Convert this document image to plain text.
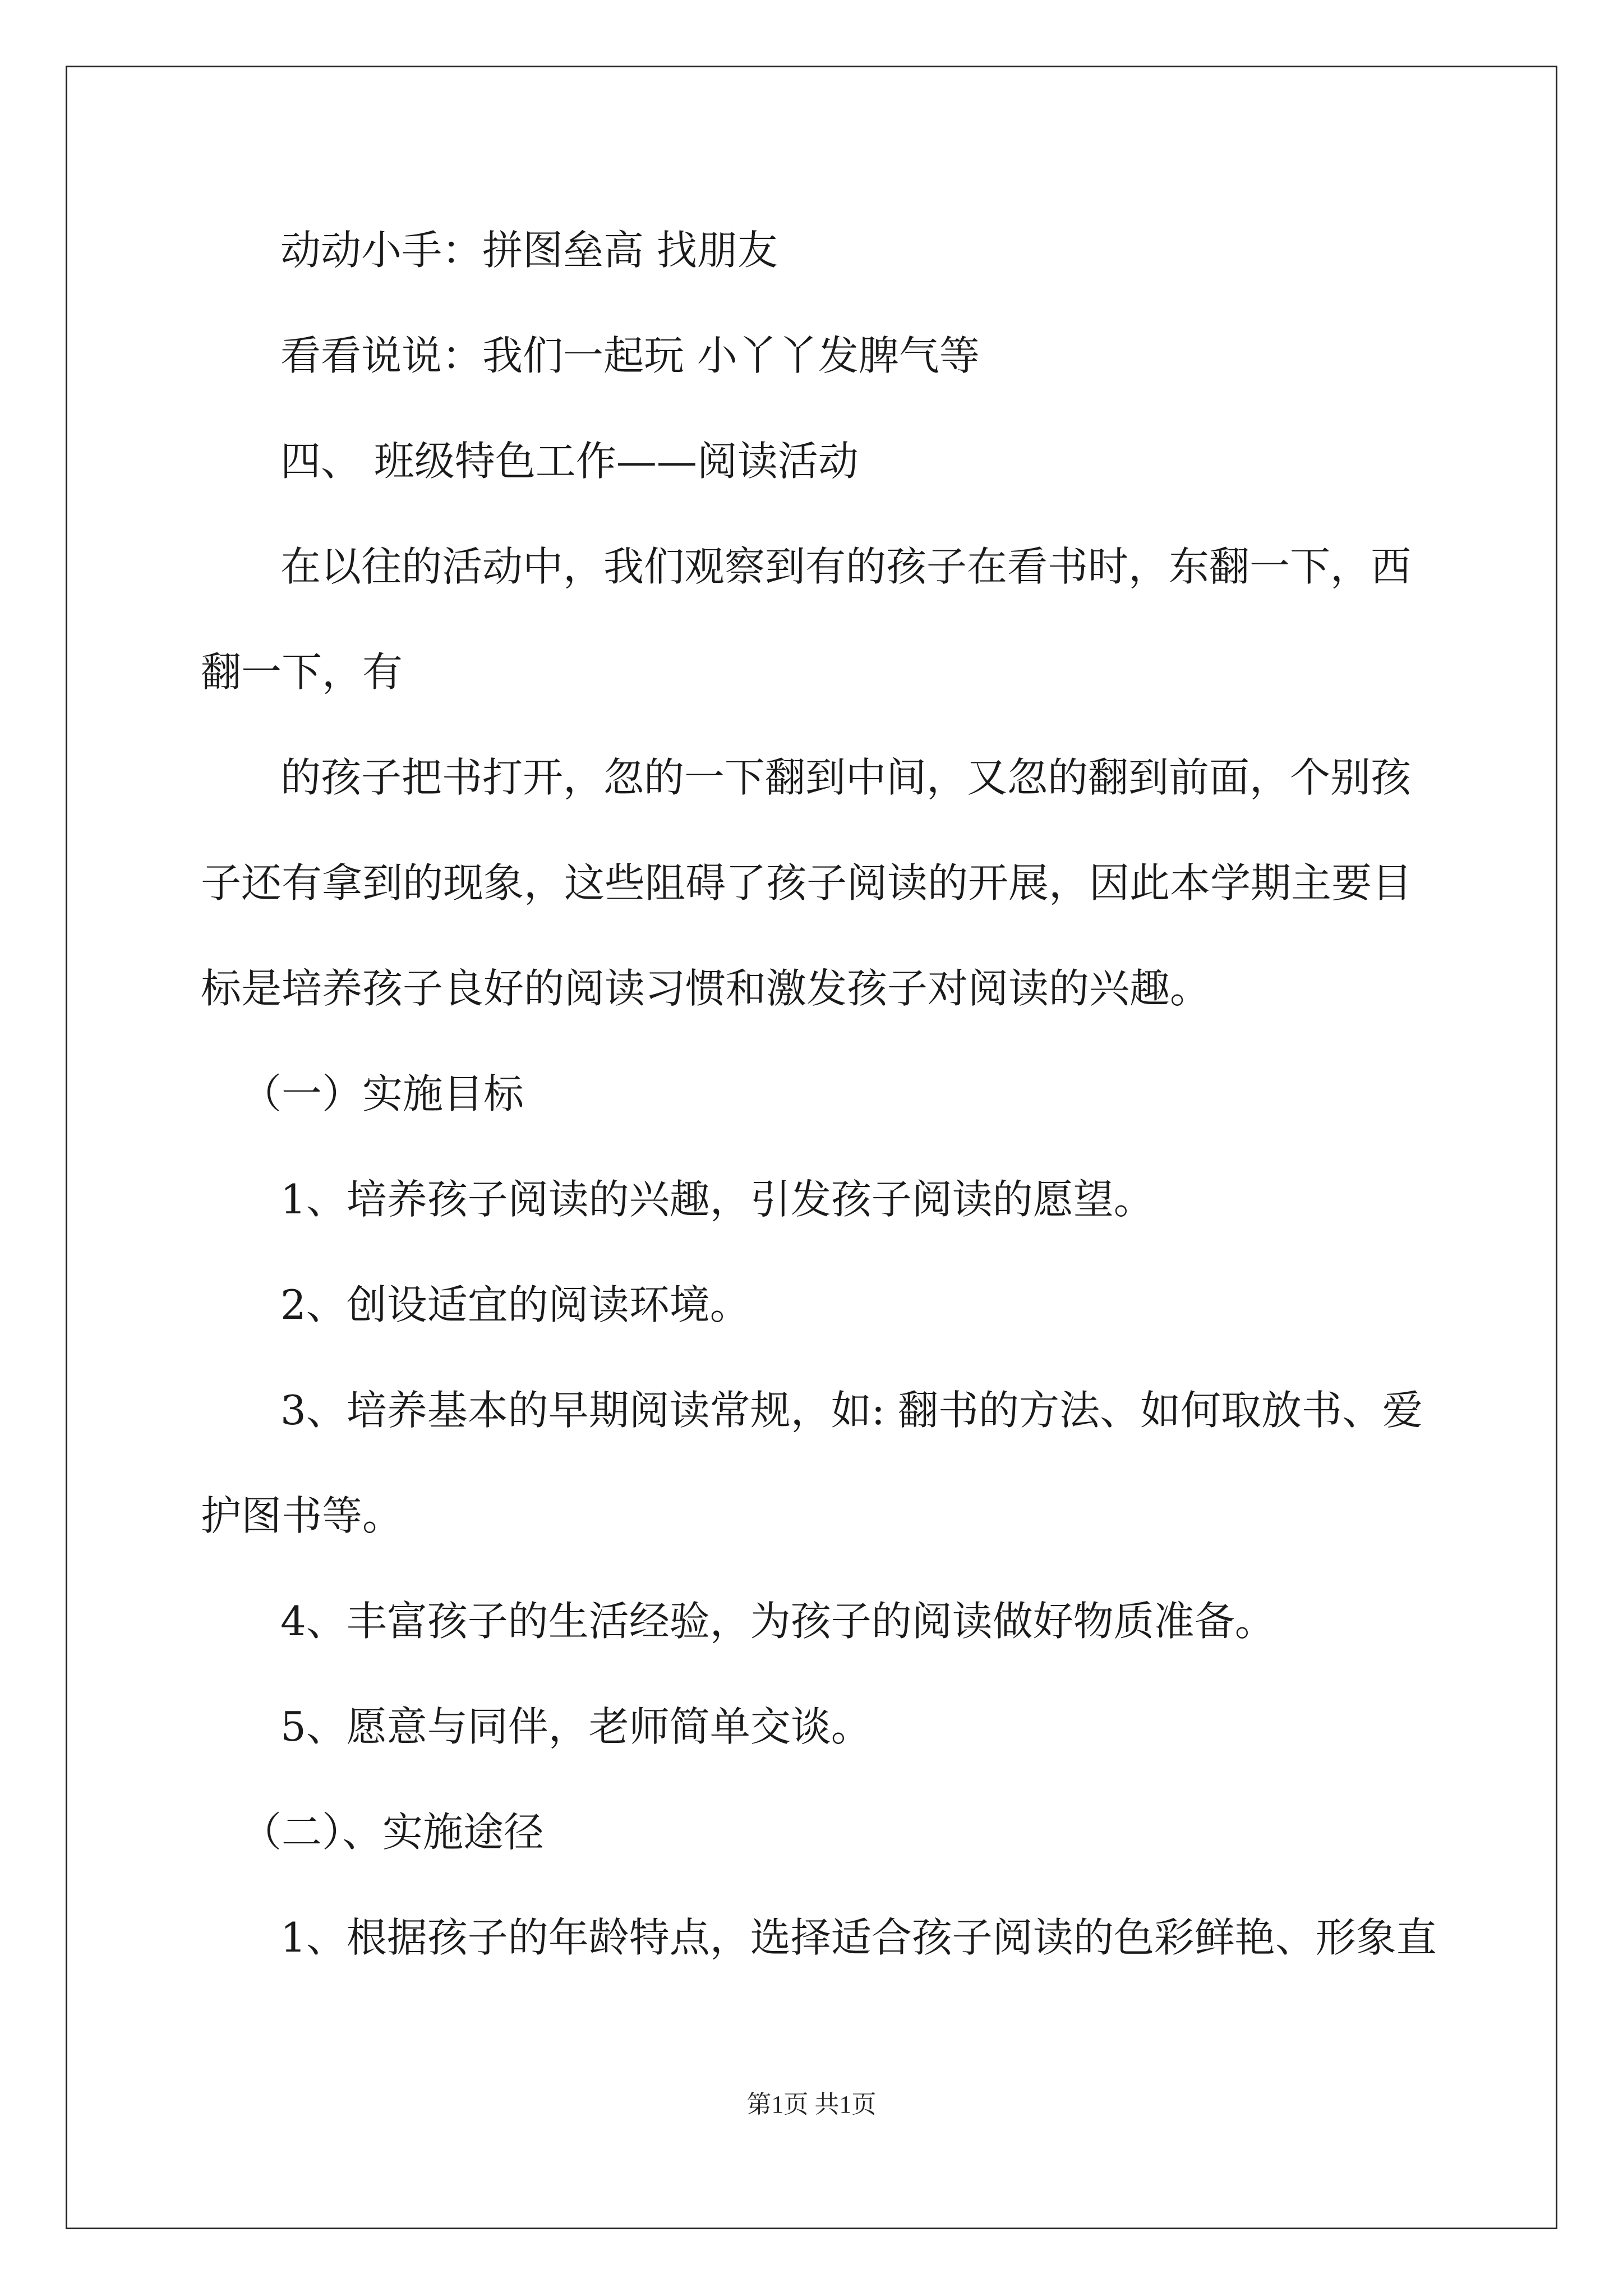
动动小手：拼图垒高 找朋友
看看说说：我们一起玩 小丫丫发脾气等
四、 班级特色工作——阅读活动
在以往的活动中，我们观察到有的孩子在看书时，东翻一下，西
翻一下，有
的孩子把书打开，忽的一下翻到中间，又忽的翻到前面，个别孩
子还有拿到的现象，这些阻碍了孩子阅读的开展，因此本学期主要目
标是培养孩子良好的阅读习惯和激发孩子对阅读的兴趣。
（一）实施目标
1、培养孩子阅读的兴趣，引发孩子阅读的愿望。
2、创设适宜的阅读环境。
3、培养基本的早期阅读常规，如: 翻书的方法、如何取放书、爱
护图书等。
4、丰富孩子的生活经验，为孩子的阅读做好物质准备。
5、愿意与同伴，老师简单交谈。
（二）、实施途径
1、根据孩子的年龄特点，选择适合孩子阅读的色彩鲜艳、形象直
第1页 共1页
